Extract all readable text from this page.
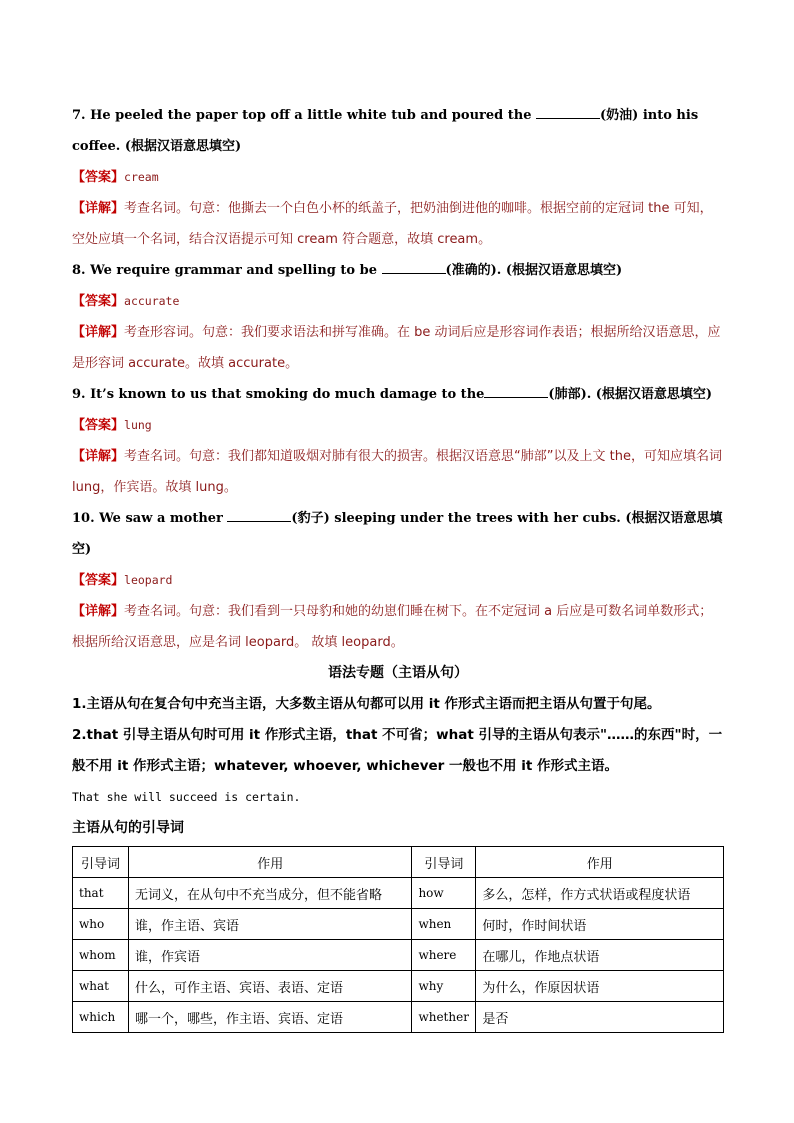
7. He peeled the paper top off a little white tub and poured the	(奶油) into his coffee. (根据汉语意思填空)

【答案】cream

【详解】考查名词。句意：他撕去一个白色小杯的纸盖子，把奶油倒进他的咖啡。根据空前的定冠词 the 可知，空处应填一个名词，结合汉语提示可知 cream 符合题意，故填 cream。

8. We require grammar and spelling to be	(准确的). (根据汉语意思填空)

【答案】accurate

【详解】考查形容词。句意：我们要求语法和拼写准确。在 be 动词后应是形容词作表语；根据所给汉语意思，应是形容词 accurate。故填 accurate。

9. It’s known to us that smoking do much damage to the	(肺部). (根据汉语意思填空)

【答案】lung

【详解】考查名词。句意：我们都知道吸烟对肺有很大的损害。根据汉语意思“肺部”以及上文 the，可知应填名词 lung，作宾语。故填 lung。

10. We saw a mother	(豹子) sleeping under the trees with her cubs. (根据汉语意思填空)

【答案】leopard

【详解】考查名词。句意：我们看到一只母豹和她的幼崽们睡在树下。在不定冠词 a 后应是可数名词单数形式；根据所给汉语意思，应是名词 leopard。 故填 leopard。

语法专题（主语从句）

1.主语从句在复合句中充当主语，大多数主语从句都可以用 it 作形式主语而把主语从句置于句尾。

2.that 引导主语从句时可用 it 作形式主语，that 不可省；what 引导的主语从句表示"……的东西"时，一般不用 it 作形式主语；whatever, whoever, whichever 一般也不用 it 作形式主语。

That she will succeed is certain.

主语从句的引导词

引导词	作用	引导词	作用
that	无词义，在从句中不充当成分，但不能省略	how	多么，怎样，作方式状语或程度状语
who	谁，作主语、宾语	when	何时，作时间状语
whom	谁，作宾语	where	在哪儿，作地点状语
what	什么，可作主语、宾语、表语、定语	why	为什么，作原因状语
which	哪一个，哪些，作主语、宾语、定语	whether	是否
